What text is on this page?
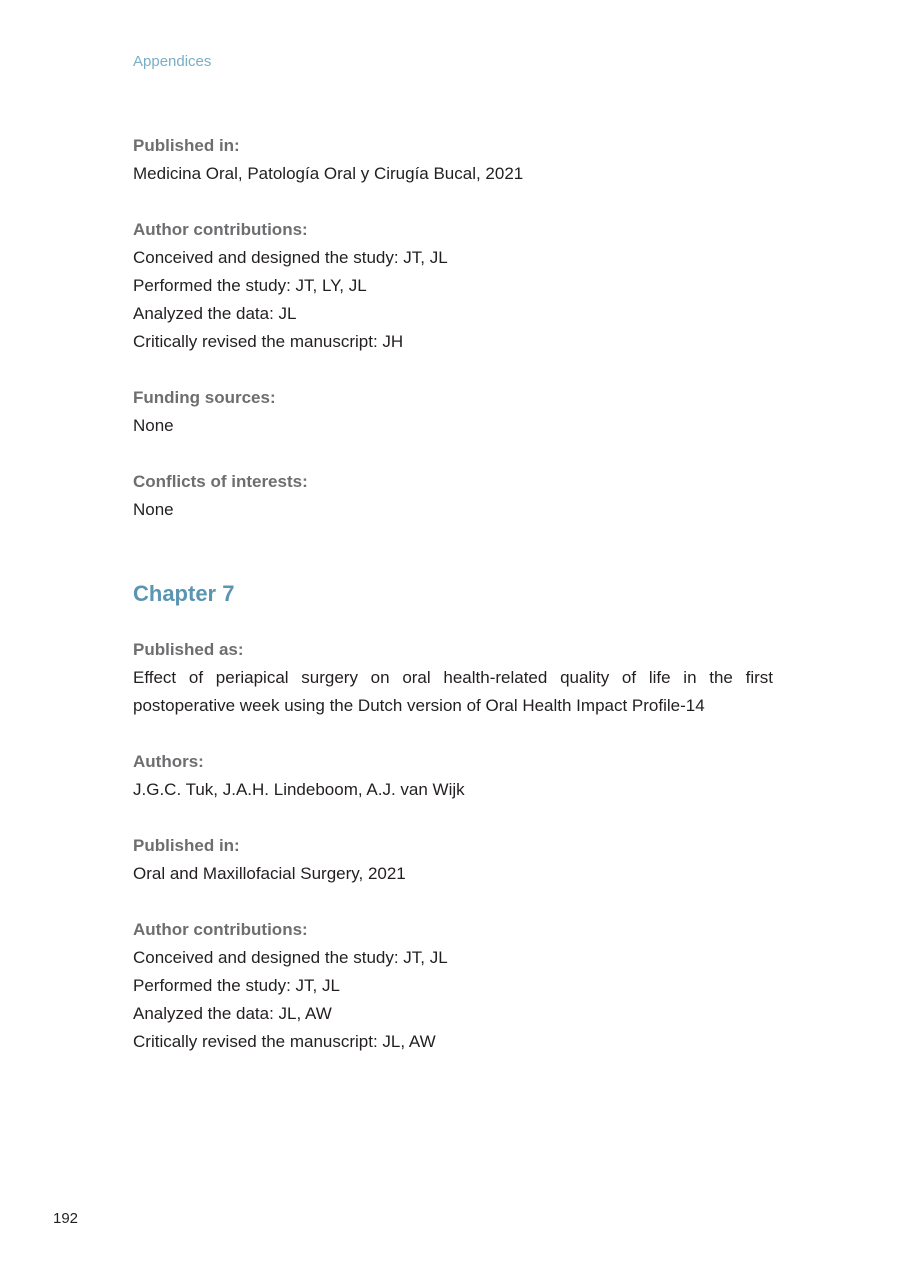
Appendices
Published in:
Medicina Oral, Patología Oral y Cirugía Bucal, 2021
Author contributions:
Conceived and designed the study: JT, JL
Performed the study: JT, LY, JL
Analyzed the data: JL
Critically revised the manuscript: JH
Funding sources:
None
Conflicts of interests:
None
Chapter 7
Published as:
Effect of periapical surgery on oral health-related quality of life in the first postoperative week using the Dutch version of Oral Health Impact Profile-14
Authors:
J.G.C. Tuk, J.A.H. Lindeboom, A.J. van Wijk
Published in:
Oral and Maxillofacial Surgery, 2021
Author contributions:
Conceived and designed the study: JT, JL
Performed the study: JT, JL
Analyzed the data: JL, AW
Critically revised the manuscript: JL, AW
192
